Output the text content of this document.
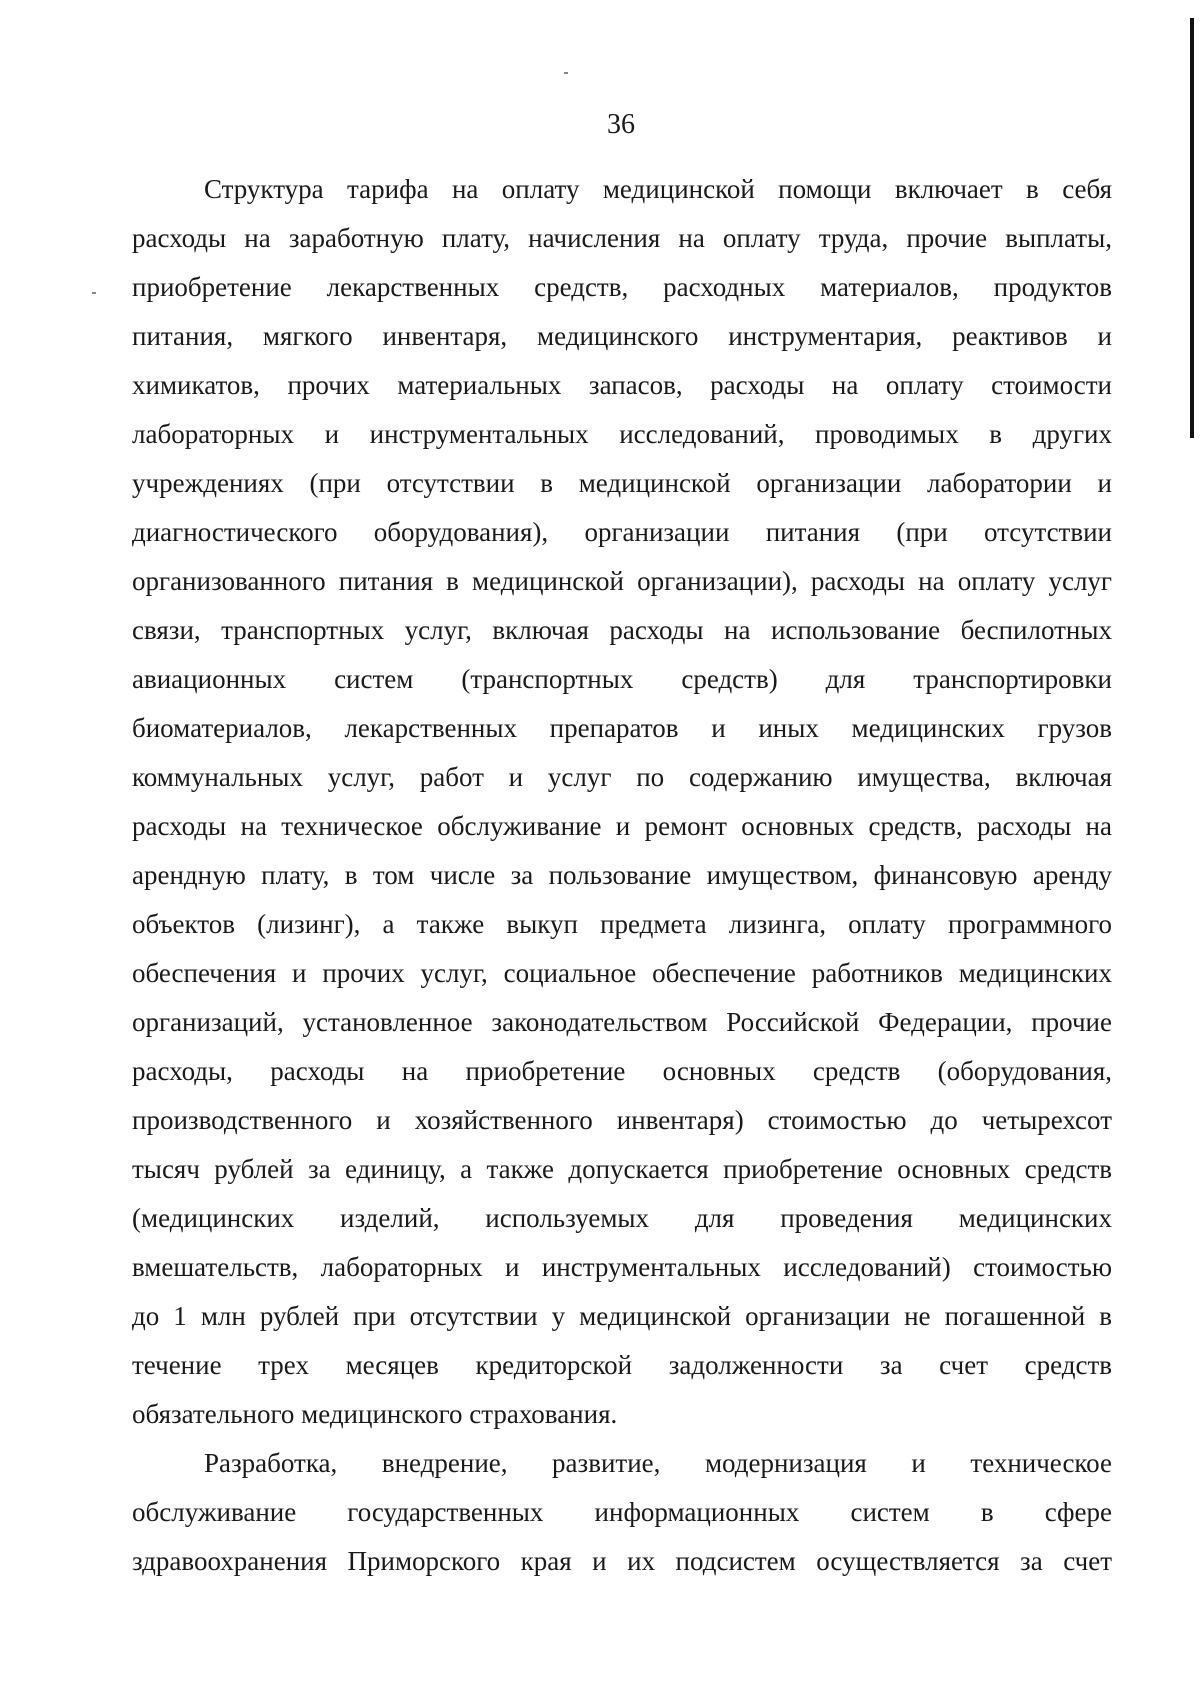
36

Структура тарифа на оплату медицинской помощи включает в себя
расходы на заработную плату, начисления на оплату труда, прочие выплаты,
приобретение лекарственных средств, расходных материалов, продуктов
питания, мягкого инвентаря, медицинского инструментария, реактивов и
химикатов, прочих материальных запасов, расходы на оплату стоимости
лабораторных и инструментальных исследований, проводимых в других
учреждениях (при отсутствии в медицинской организации лаборатории и
диагностического оборудования), организации питания (при отсутствии
организованного питания в медицинской организации), расходы на оплату услуг
связи, транспортных услуг, включая расходы на использование беспилотных
авиационных систем (транспортных средств) для транспортировки
биоматериалов, лекарственных препаратов и иных медицинских грузов
коммунальных услуг, работ и услуг по содержанию имущества, включая
расходы на техническое обслуживание и ремонт основных средств, расходы на
арендную плату, в том числе за пользование имуществом, финансовую аренду
объектов (лизинг), а также выкуп предмета лизинга, оплату программного
обеспечения и прочих услуг, социальное обеспечение работников медицинских
организаций, установленное законодательством Российской Федерации, прочие
расходы, расходы на приобретение основных средств (оборудования,
производственного и хозяйственного инвентаря) стоимостью до четырехсот
тысяч рублей за единицу, а также допускается приобретение основных средств
(медицинских изделий, используемых для проведения медицинских
вмешательств, лабораторных и инструментальных исследований) стоимостью
до 1 млн рублей при отсутствии у медицинской организации не погашенной в
течение трех месяцев кредиторской задолженности за счет средств
обязательного медицинского страхования.

Разработка, внедрение, развитие, модернизация и техническое
обслуживание государственных информационных систем в сфере
здравоохранения Приморского края и их подсистем осуществляется за счет
